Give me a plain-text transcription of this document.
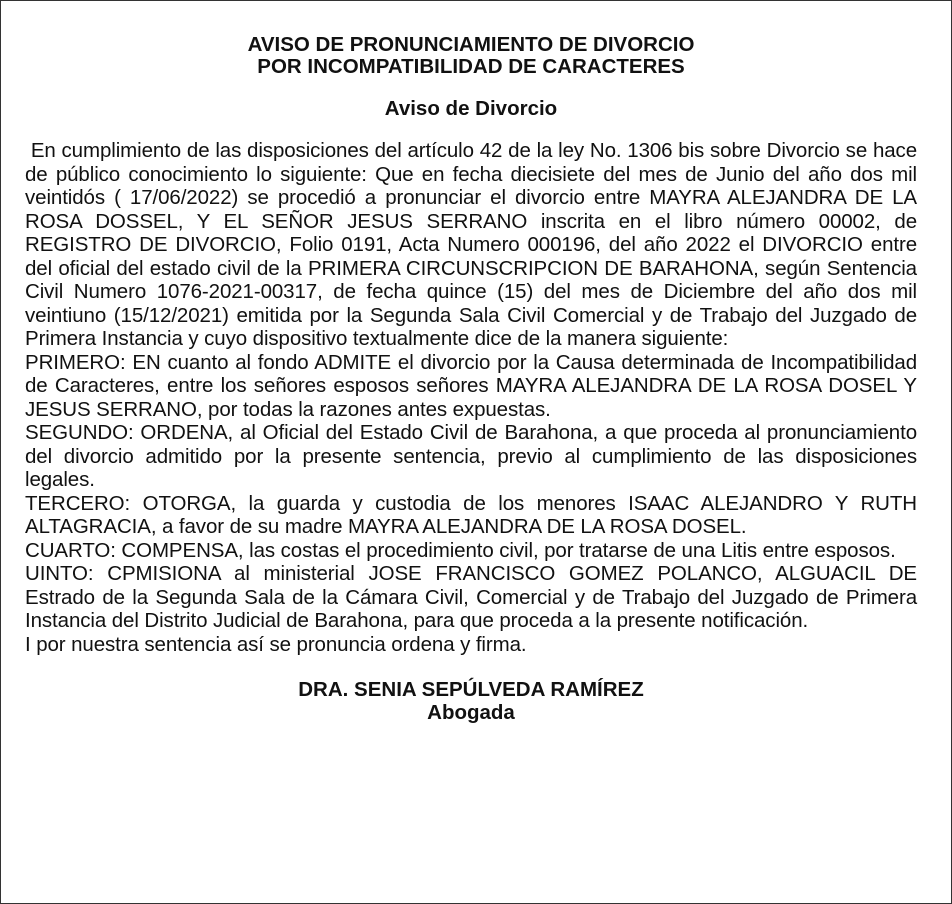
AVISO DE PRONUNCIAMIENTO DE DIVORCIO
POR INCOMPATIBILIDAD DE CARACTERES

Aviso de Divorcio

En cumplimiento de las disposiciones del artículo 42 de la ley No. 1306 bis sobre Divorcio se hace de público conocimiento lo siguiente: Que en fecha diecisiete del mes de Junio del año dos mil veintidós ( 17/06/2022) se procedió a pronunciar el divorcio entre MAYRA ALEJANDRA DE LA ROSA DOSSEL, Y EL SEÑOR JESUS SERRANO inscrita en el libro número 00002, de REGISTRO DE DIVORCIO, Folio 0191, Acta Numero 000196, del año 2022 el DIVORCIO entre del oficial del estado civil de la PRIMERA CIRCUNSCRIPCION DE BARAHONA, según Sentencia Civil Numero 1076-2021-00317, de fecha quince (15) del mes de Diciembre del año dos mil veintiuno (15/12/2021) emitida por la Segunda Sala Civil Comercial y de Trabajo del Juzgado de Primera Instancia y cuyo dispositivo textualmente dice de la manera siguiente:
PRIMERO: EN cuanto al fondo ADMITE el divorcio por la Causa determinada de Incompatibilidad de Caracteres, entre los señores esposos señores MAYRA ALEJANDRA DE LA ROSA DOSEL Y JESUS SERRANO, por todas la razones antes expuestas.
SEGUNDO: ORDENA, al Oficial del Estado Civil de Barahona, a que proceda al pronunciamiento del divorcio admitido por la presente sentencia, previo al cumplimiento de las disposiciones legales.
TERCERO: OTORGA, la guarda y custodia de los menores ISAAC ALEJANDRO Y RUTH ALTAGRACIA, a favor de su madre MAYRA ALEJANDRA DE LA ROSA DOSEL.
CUARTO: COMPENSA, las costas el procedimiento civil, por tratarse de una Litis entre esposos.
UINTO: CPMISIONA al ministerial JOSE FRANCISCO GOMEZ POLANCO, ALGUACIL DE Estrado de la Segunda Sala de la Cámara Civil, Comercial y de Trabajo del Juzgado de Primera Instancia del Distrito Judicial de Barahona, para que proceda a la presente notificación.
I por nuestra sentencia así se pronuncia ordena y firma.
DRA. SENIA SEPÚLVEDA RAMÍREZ
Abogada
